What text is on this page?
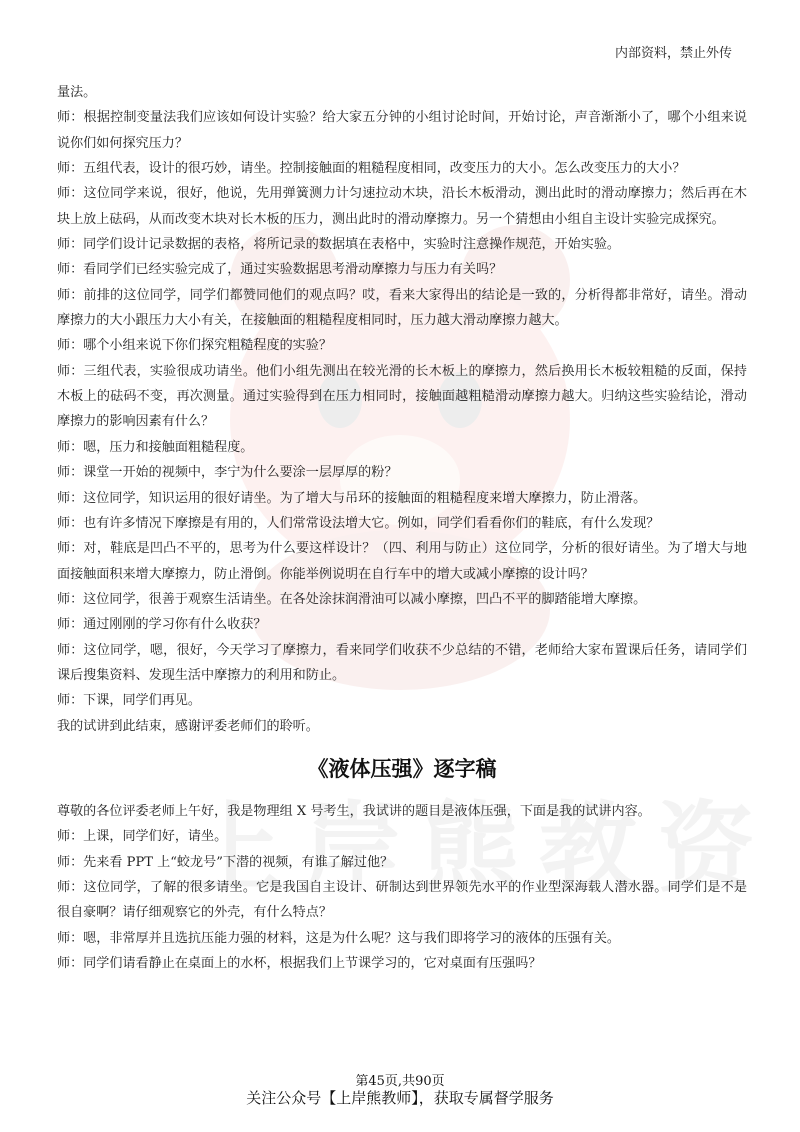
内部资料，禁止外传

量法。

师：根据控制变量法我们应该如何设计实验？给大家五分钟的小组讨论时间，开始讨论，声音渐渐小了，哪个小组来说说你们如何探究压力？

师：五组代表，设计的很巧妙，请坐。控制接触面的粗糙程度相同，改变压力的大小。怎么改变压力的大小？

师：这位同学来说，很好，他说，先用弹簧测力计匀速拉动木块，沿长木板滑动，测出此时的滑动摩擦力；然后再在木块上放上砝码，从而改变木块对长木板的压力，测出此时的滑动摩擦力。另一个猜想由小组自主设计实验完成探究。

师：同学们设计记录数据的表格，将所记录的数据填在表格中，实验时注意操作规范，开始实验。

师：看同学们已经实验完成了，通过实验数据思考滑动摩擦力与压力有关吗？

师：前排的这位同学，同学们都赞同他们的观点吗？哎，看来大家得出的结论是一致的，分析得都非常好，请坐。滑动摩擦力的大小跟压力大小有关，在接触面的粗糙程度相同时，压力越大滑动摩擦力越大。

师：哪个小组来说下你们探究粗糙程度的实验？

师：三组代表，实验很成功请坐。他们小组先测出在较光滑的长木板上的摩擦力，然后换用长木板较粗糙的反面，保持木板上的砝码不变，再次测量。通过实验得到在压力相同时，接触面越粗糙滑动摩擦力越大。归纳这些实验结论，滑动摩擦力的影响因素有什么？

师：嗯，压力和接触面粗糙程度。

师：课堂一开始的视频中，李宁为什么要涂一层厚厚的粉？

师：这位同学，知识运用的很好请坐。为了增大与吊环的接触面的粗糙程度来增大摩擦力，防止滑落。

师：也有许多情况下摩擦是有用的，人们常常设法增大它。例如，同学们看看你们的鞋底，有什么发现？

师：对，鞋底是凹凸不平的，思考为什么要这样设计？（四、利用与防止）这位同学，分析的很好请坐。为了增大与地面接触面积来增大摩擦力，防止滑倒。你能举例说明在自行车中的增大或减小摩擦的设计吗？

师：这位同学，很善于观察生活请坐。在各处涂抹润滑油可以减小摩擦，凹凸不平的脚踏能增大摩擦。

师：通过刚刚的学习你有什么收获？

师：这位同学，嗯，很好，今天学习了摩擦力，看来同学们收获不少总结的不错，老师给大家布置课后任务，请同学们课后搜集资料、发现生活中摩擦力的利用和防止。

师：下课，同学们再见。

我的试讲到此结束，感谢评委老师们的聆听。

《液体压强》逐字稿

尊敬的各位评委老师上午好，我是物理组 X 号考生，我试讲的题目是液体压强，下面是我的试讲内容。

师：上课，同学们好，请坐。

师：先来看 PPT 上“蛟龙号”下潜的视频，有谁了解过他？

师：这位同学，了解的很多请坐。它是我国自主设计、研制达到世界领先水平的作业型深海载人潜水器。同学们是不是很自豪啊？请仔细观察它的外壳，有什么特点？

师：嗯，非常厚并且选抗压能力强的材料，这是为什么呢？这与我们即将学习的液体的压强有关。

师：同学们请看静止在桌面上的水杯，根据我们上节课学习的，它对桌面有压强吗？

第45页,共90页
关注公众号【上岸熊教师】，获取专属督学服务
